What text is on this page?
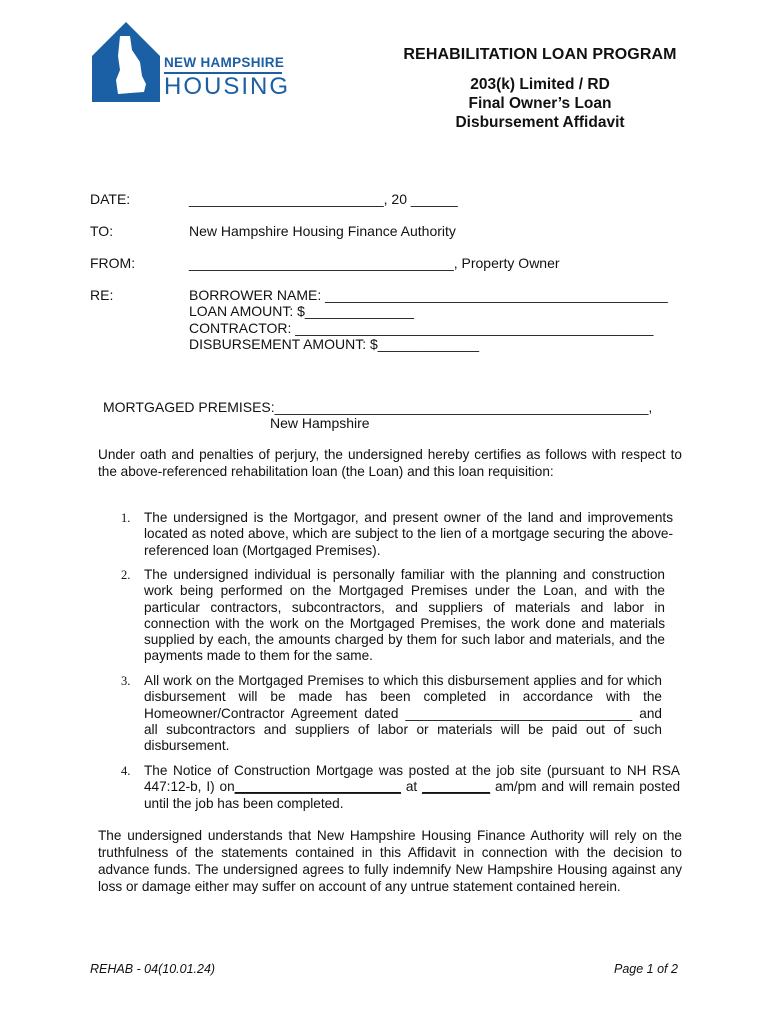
NEW HAMPSHIRE
HOUSING
REHABILITATION LOAN PROGRAM
203(k) Limited / RD
Final Owner’s Loan
Disbursement Affidavit
DATE:	_________________________, 20 ______
TO:	New Hampshire Housing Finance Authority
FROM:	__________________________________, Property Owner
RE:	BORROWER NAME: ____________________________________________
LOAN AMOUNT: $______________
CONTRACTOR: ______________________________________________
DISBURSEMENT AMOUNT: $_____________
MORTGAGED PREMISES:________________________________________________,
New Hampshire
Under oath and penalties of perjury, the undersigned hereby certifies as follows with respect to the above-referenced rehabilitation loan (the Loan) and this loan requisition:
1. The undersigned is the Mortgagor, and present owner of the land and improvements located as noted above, which are subject to the lien of a mortgage securing the above-referenced loan (Mortgaged Premises).
2. The undersigned individual is personally familiar with the planning and construction work being performed on the Mortgaged Premises under the Loan, and with the particular contractors, subcontractors, and suppliers of materials and labor in connection with the work on the Mortgaged Premises, the work done and materials supplied by each, the amounts charged by them for such labor and materials, and the payments made to them for the same.
3. All work on the Mortgaged Premises to which this disbursement applies and for which disbursement will be made has been completed in accordance with the Homeowner/Contractor Agreement dated ______________________________ and all subcontractors and suppliers of labor or materials will be paid out of such disbursement.
4. The Notice of Construction Mortgage was posted at the job site (pursuant to NH RSA 447:12-b, I) on______________________ at _________ am/pm and will remain posted until the job has been completed.
The undersigned understands that New Hampshire Housing Finance Authority will rely on the truthfulness of the statements contained in this Affidavit in connection with the decision to advance funds. The undersigned agrees to fully indemnify New Hampshire Housing against any loss or damage either may suffer on account of any untrue statement contained herein.
REHAB - 04(10.01.24)	Page 1 of 2
